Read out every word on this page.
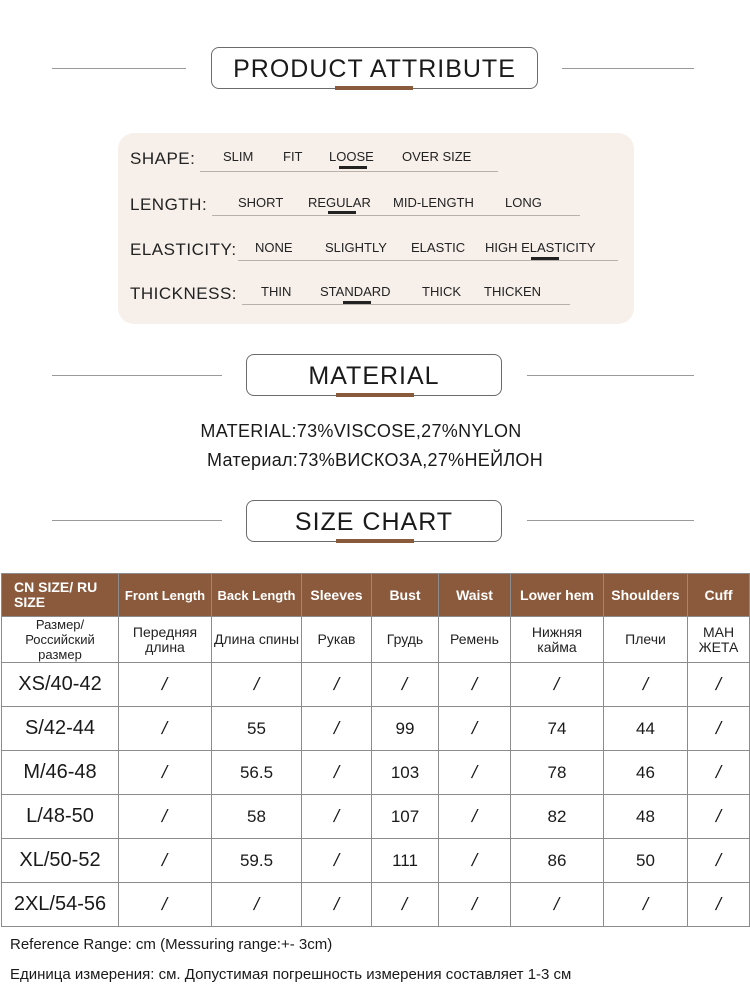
PRODUCT ATTRIBUTE
SHAPE: SLIM FIT LOOSE OVER SIZE
LENGTH: SHORT REGULAR MID-LENGTH LONG
ELASTICITY: NONE SLIGHTLY ELASTIC HIGH ELASTICITY
THICKNESS: THIN STANDARD THICK THICKEN
MATERIAL
MATERIAL:73%VISCOSE,27%NYLON
Материал:73%ВИСКОЗА,27%НЕЙЛОН
SIZE CHART
CN SIZE/ RU SIZE	Front Length	Back Length	Sleeves	Bust	Waist	Lower hem	Shoulders	Cuff
Размер/ Российский размер	Передняя длина	Длина спины	Рукав	Грудь	Ремень	Нижняя кайма	Плечи	МАН ЖЕТА
XS/40-42	/	/	/	/	/	/	/	/
S/42-44	/	55	/	99	/	74	44	/
M/46-48	/	56.5	/	103	/	78	46	/
L/48-50	/	58	/	107	/	82	48	/
XL/50-52	/	59.5	/	111	/	86	50	/
2XL/54-56	/	/	/	/	/	/	/	/
Reference Range: cm (Messuring range:+- 3cm)
Единица измерения: см. Допустимая погрешность измерения составляет 1-3 см
